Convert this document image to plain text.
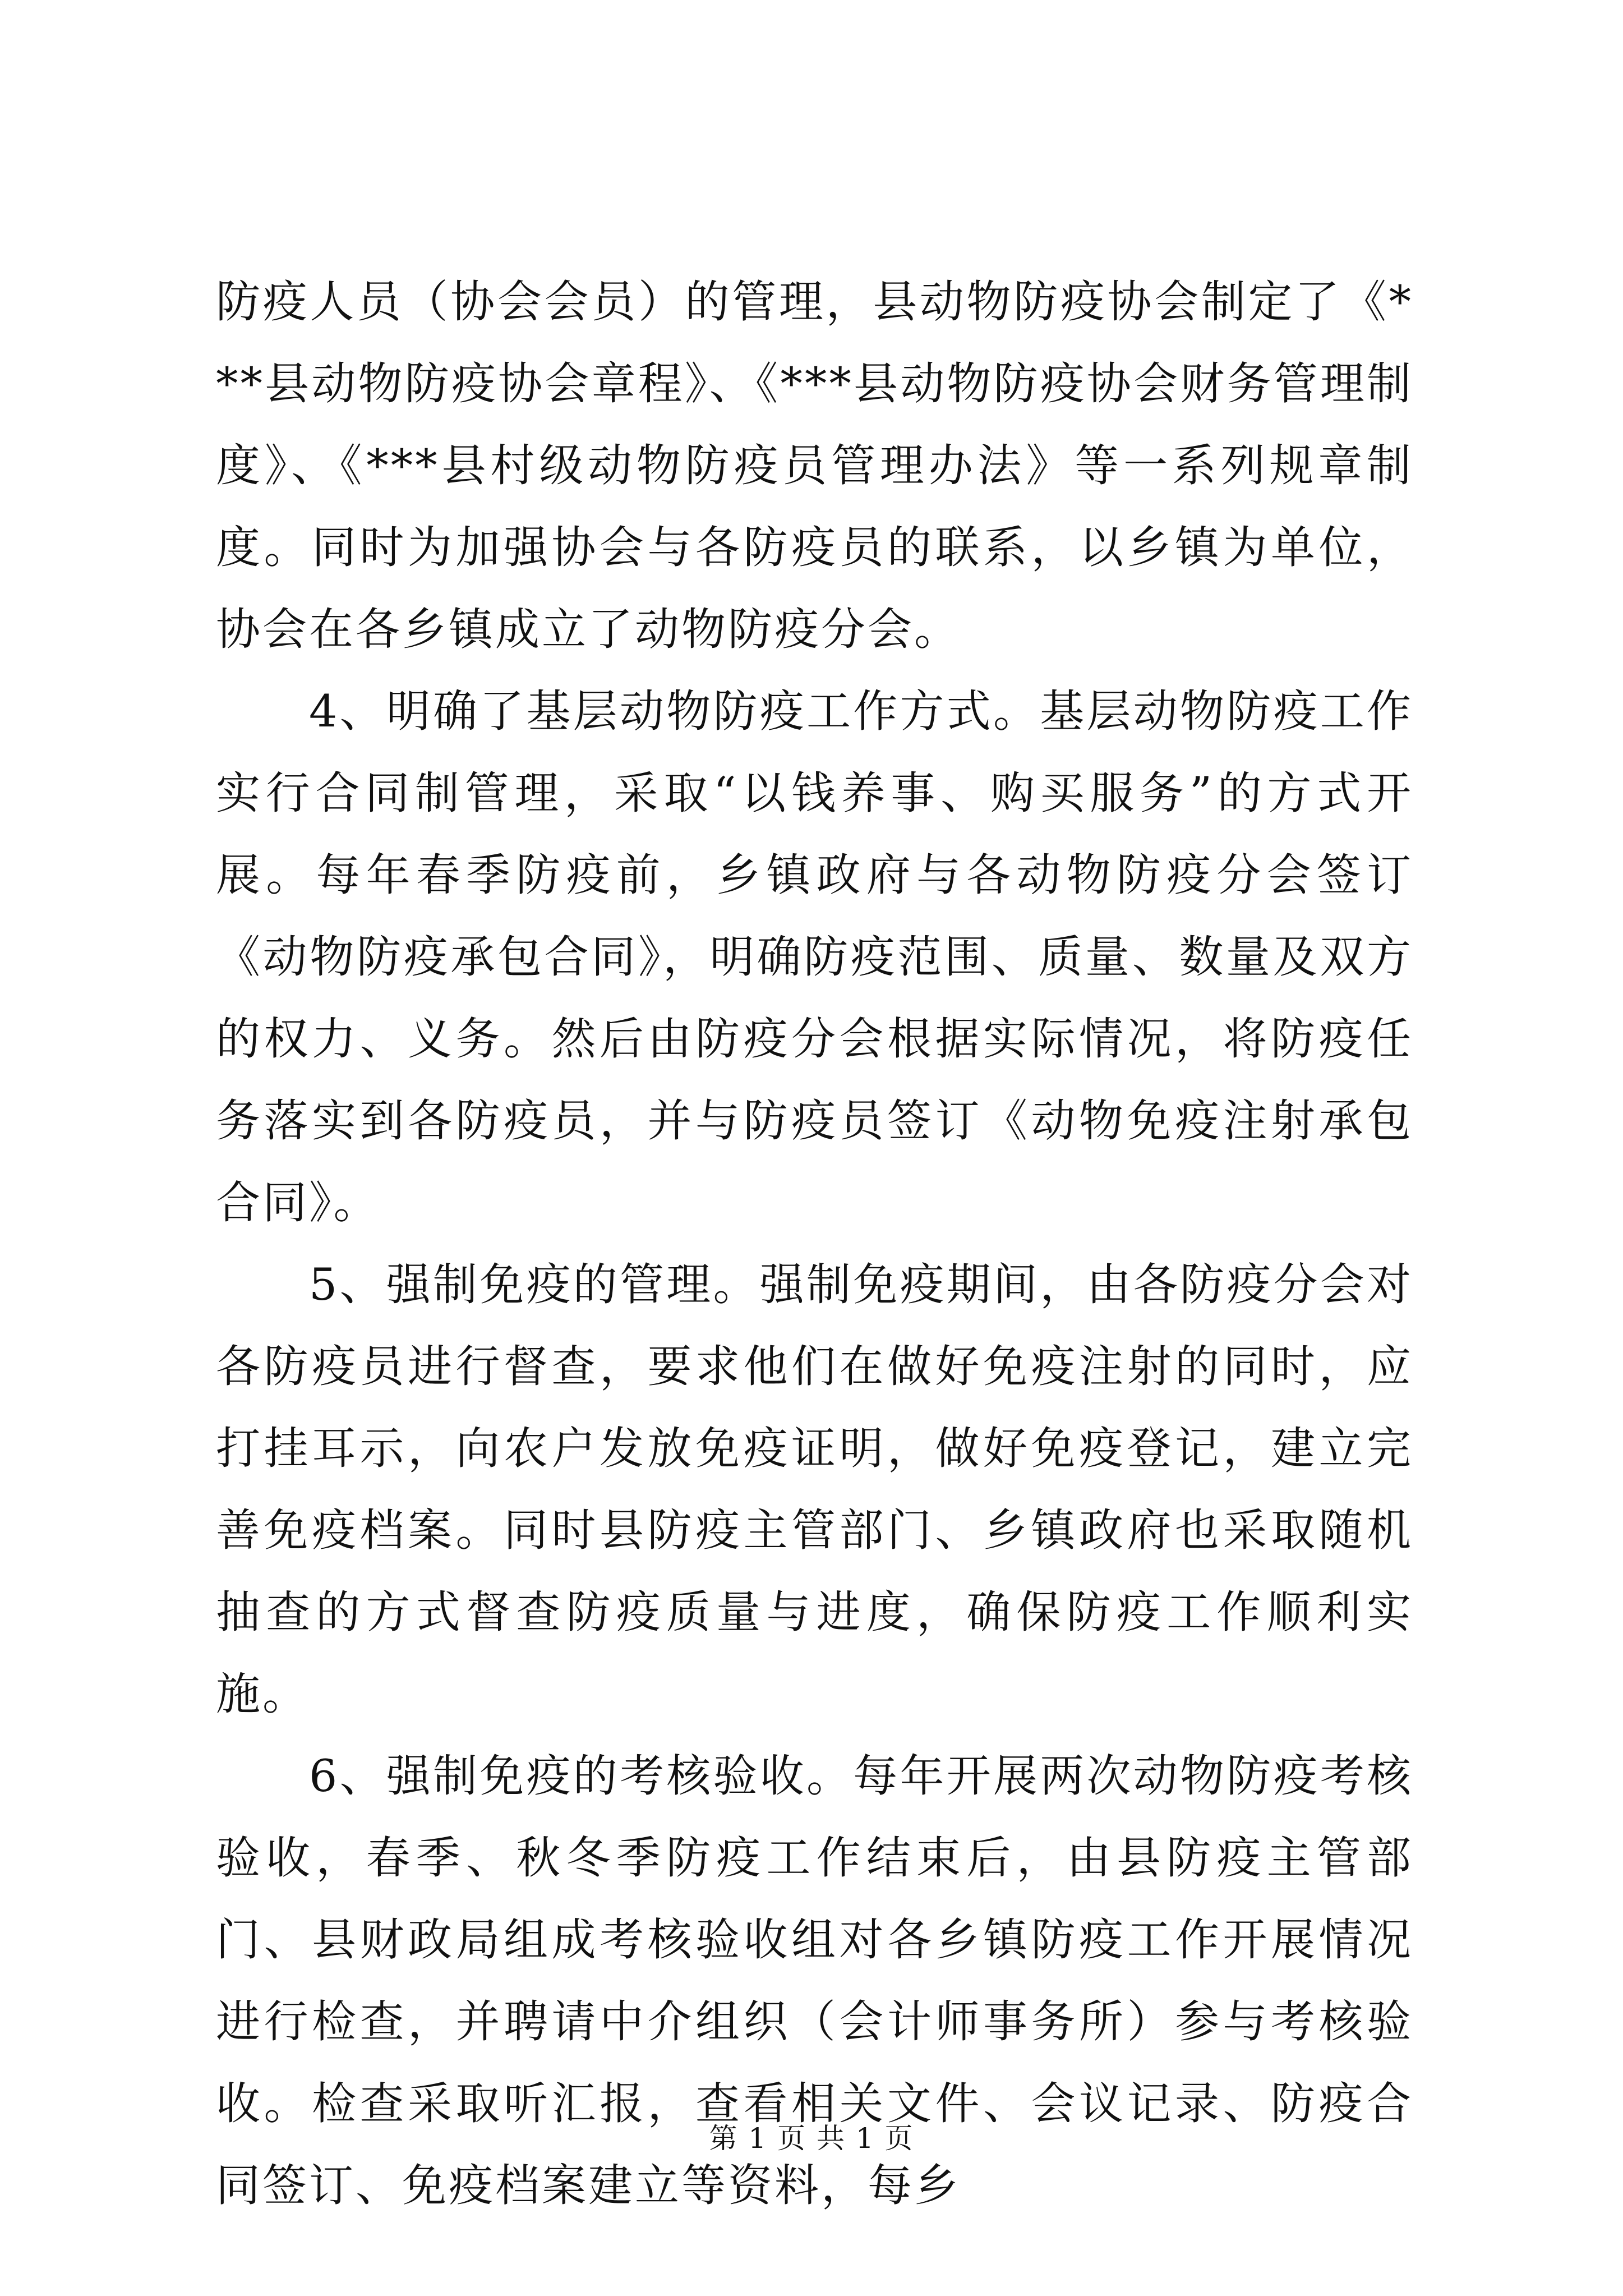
防疫人员（协会会员）的管理，县动物防疫协会制定了《***县动物防疫协会章程》、《***县动物防疫协会财务管理制度》、《***县村级动物防疫员管理办法》等一系列规章制度。同时为加强协会与各防疫员的联系，以乡镇为单位，协会在各乡镇成立了动物防疫分会。

4、明确了基层动物防疫工作方式。基层动物防疫工作实行合同制管理，采取“以钱养事、购买服务”的方式开展。每年春季防疫前，乡镇政府与各动物防疫分会签订《动物防疫承包合同》，明确防疫范围、质量、数量及双方的权力、义务。然后由防疫分会根据实际情况，将防疫任务落实到各防疫员，并与防疫员签订《动物免疫注射承包合同》。

5、强制免疫的管理。强制免疫期间，由各防疫分会对各防疫员进行督查，要求他们在做好免疫注射的同时，应打挂耳示，向农户发放免疫证明，做好免疫登记，建立完善免疫档案。同时县防疫主管部门、乡镇政府也采取随机抽查的方式督查防疫质量与进度，确保防疫工作顺利实施。

6、强制免疫的考核验收。每年开展两次动物防疫考核验收，春季、秋冬季防疫工作结束后，由县防疫主管部门、县财政局组成考核验收组对各乡镇防疫工作开展情况进行检查，并聘请中介组织（会计师事务所）参与考核验收。检查采取听汇报，查看相关文件、会议记录、防疫合同签订、免疫档案建立等资料，每乡

第 1 页 共 1 页
